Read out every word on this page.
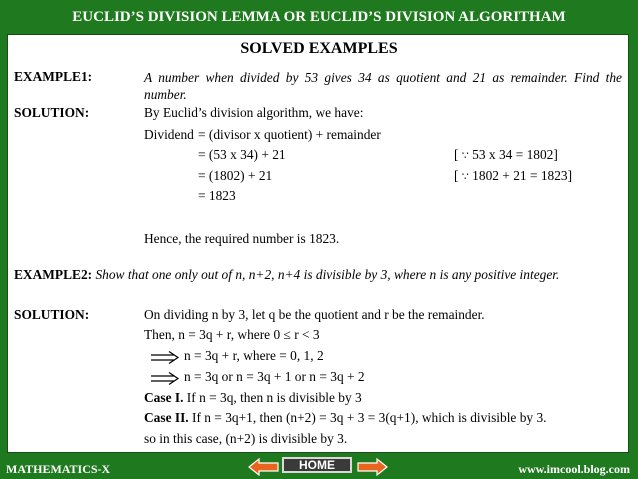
EUCLID’S DIVISION LEMMA OR EUCLID’S DIVISION ALGORITHAM
SOLVED EXAMPLES
EXAMPLE1:	A number when divided by 53 gives 34 as quotient and 21 as remainder. Find the number.
SOLUTION:	By Euclid’s division algorithm, we have:
Dividend = (divisor x quotient) + remainder
= (53 x 34) + 21	[ ∵ 53 x 34 = 1802]
= (1802) + 21	[ ∵ 1802 + 21 = 1823]
= 1823
Hence, the required number is 1823.
EXAMPLE2: Show that one only out of n, n+2, n+4 is divisible by 3, where n is any positive integer.
SOLUTION:	On dividing n by 3, let q be the quotient and r be the remainder.
Then, n = 3q + r, where 0 ≤ r < 3
n = 3q + r, where = 0, 1, 2
n = 3q or n = 3q + 1 or n = 3q + 2
Case I. If n = 3q, then n is divisible by 3
Case II. If n = 3q+1, then (n+2) = 3q + 3 = 3(q+1), which is divisible by 3.
so in this case, (n+2) is divisible by 3.
MATHEMATICS-X	HOME	www.imcool.blog.com
